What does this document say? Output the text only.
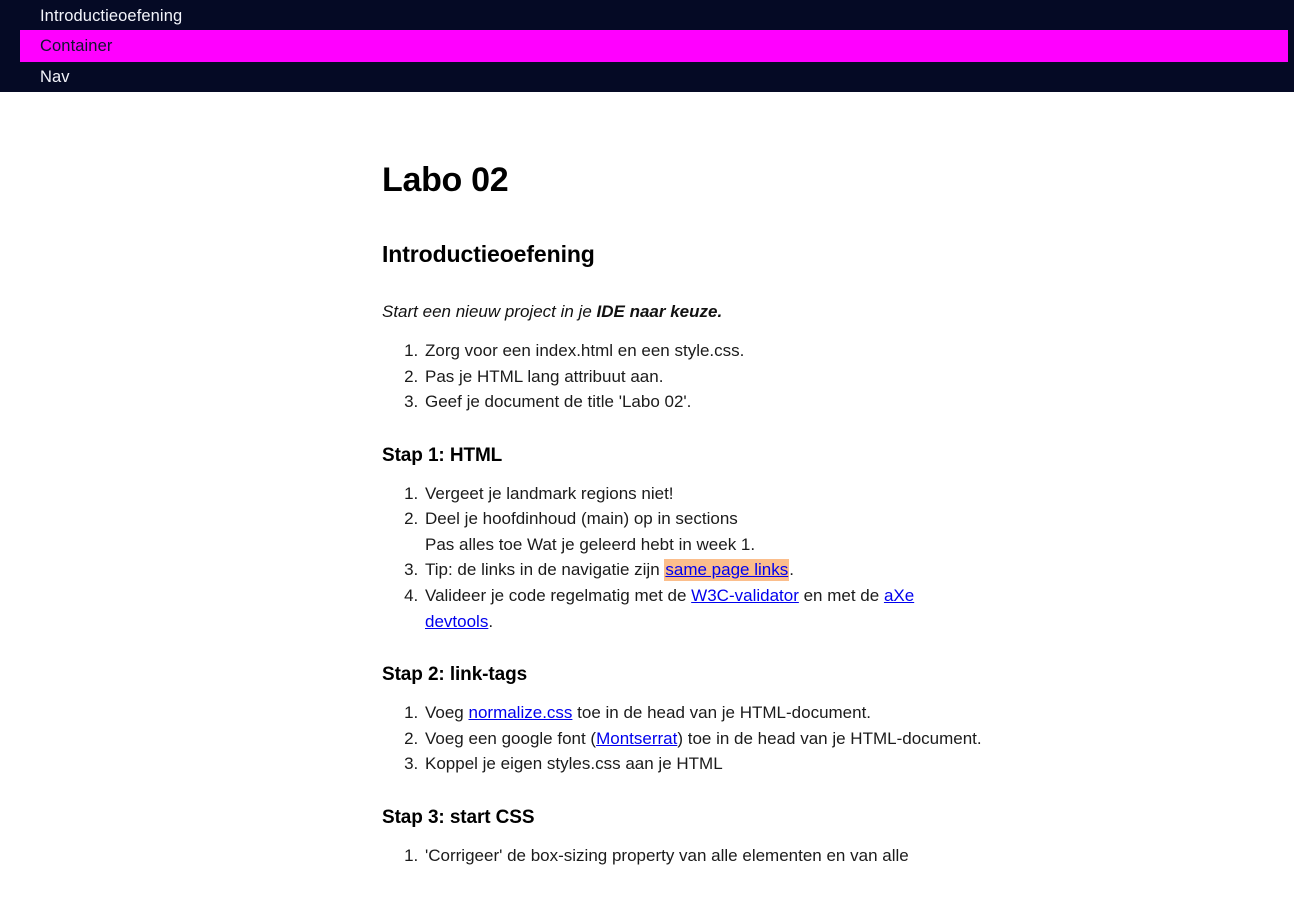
Introductieoefening
Container
Nav
Labo 02
Introductieoefening

Start een nieuw project in je IDE naar keuze.

1. Zorg voor een index.html en een style.css.
2. Pas je HTML lang attribuut aan.
3. Geef je document de title 'Labo 02'.
Stap 1: HTML
1. Vergeet je landmark regions niet!
2. Deel je hoofdinhoud (main) op in sections
Pas alles toe Wat je geleerd hebt in week 1.
3. Tip: de links in de navigatie zijn same page links.
4. Valideer je code regelmatig met de W3C-validator en met de aXe devtools.
Stap 2: link-tags
1. Voeg normalize.css toe in de head van je HTML-document.
2. Voeg een google font (Montserrat) toe in de head van je HTML-document.
3. Koppel je eigen styles.css aan je HTML
Stap 3: start CSS
1. 'Corrigeer' de box-sizing property van alle elementen en van alle
